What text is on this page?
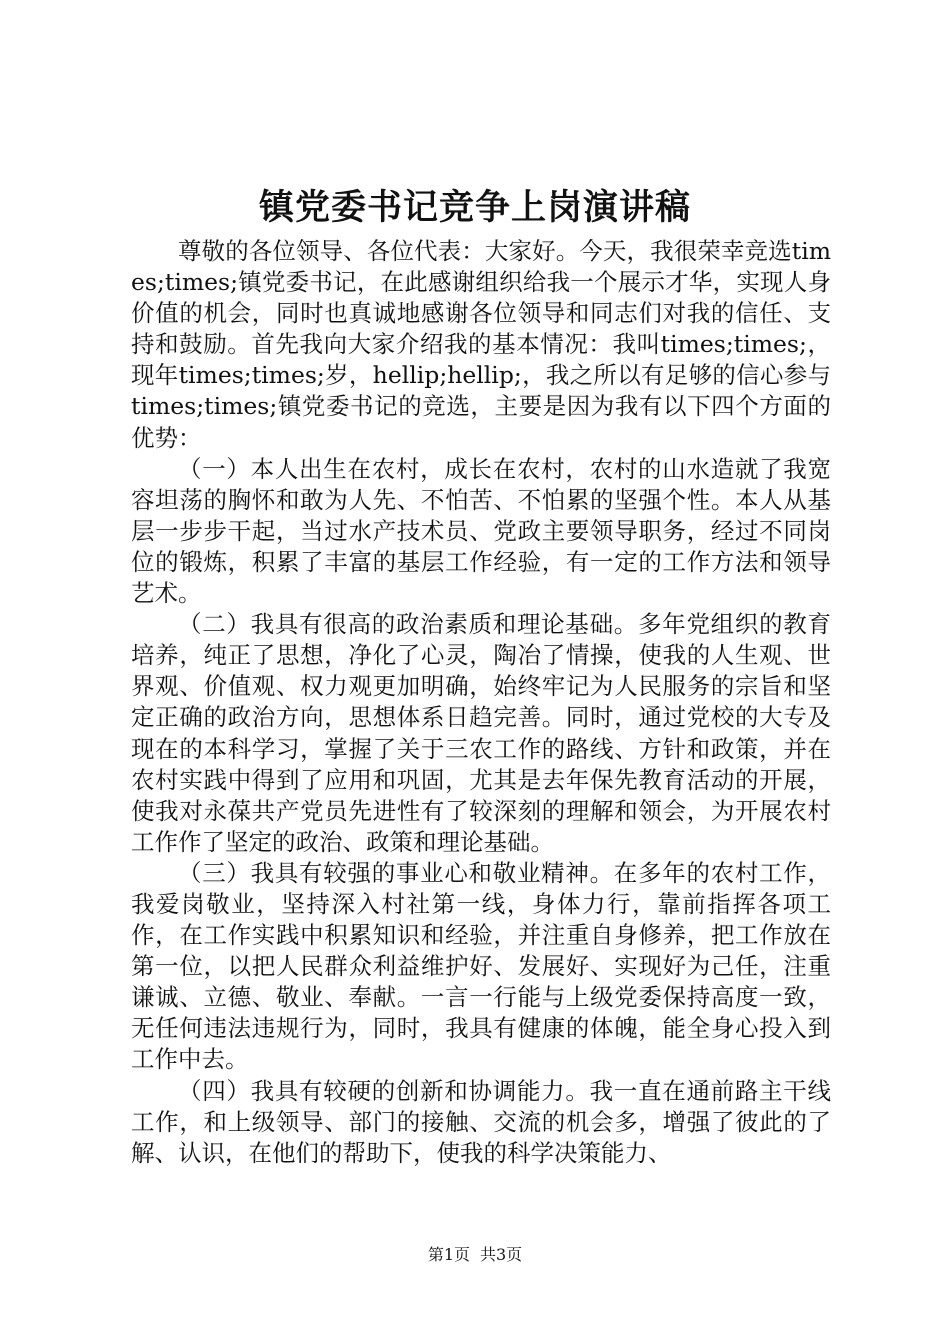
镇党委书记竞争上岗演讲稿

尊敬的各位领导、各位代表：大家好。今天，我很荣幸竞选times;times;镇党委书记，在此感谢组织给我一个展示才华，实现人身价值的机会，同时也真诚地感谢各位领导和同志们对我的信任、支持和鼓励。首先我向大家介绍我的基本情况：我叫times;times;，现年times;times;岁，hellip;hellip;，我之所以有足够的信心参与times;times;镇党委书记的竞选，主要是因为我有以下四个方面的优势：

（一）本人出生在农村，成长在农村，农村的山水造就了我宽容坦荡的胸怀和敢为人先、不怕苦、不怕累的坚强个性。本人从基层一步步干起，当过水产技术员、党政主要领导职务，经过不同岗位的锻炼，积累了丰富的基层工作经验，有一定的工作方法和领导艺术。

（二）我具有很高的政治素质和理论基础。多年党组织的教育培养，纯正了思想，净化了心灵，陶冶了情操，使我的人生观、世界观、价值观、权力观更加明确，始终牢记为人民服务的宗旨和坚定正确的政治方向，思想体系日趋完善。同时，通过党校的大专及现在的本科学习，掌握了关于三农工作的路线、方针和政策，并在农村实践中得到了应用和巩固，尤其是去年保先教育活动的开展，使我对永葆共产党员先进性有了较深刻的理解和领会，为开展农村工作作了坚定的政治、政策和理论基础。

（三）我具有较强的事业心和敬业精神。在多年的农村工作，我爱岗敬业，坚持深入村社第一线，身体力行，靠前指挥各项工作，在工作实践中积累知识和经验，并注重自身修养，把工作放在第一位，以把人民群众利益维护好、发展好、实现好为己任，注重谦诚、立德、敬业、奉献。一言一行能与上级党委保持高度一致，无任何违法违规行为，同时，我具有健康的体魄，能全身心投入到工作中去。

（四）我具有较硬的创新和协调能力。我一直在通前路主干线工作，和上级领导、部门的接触、交流的机会多，增强了彼此的了解、认识，在他们的帮助下，使我的科学决策能力、

第1页 共3页
